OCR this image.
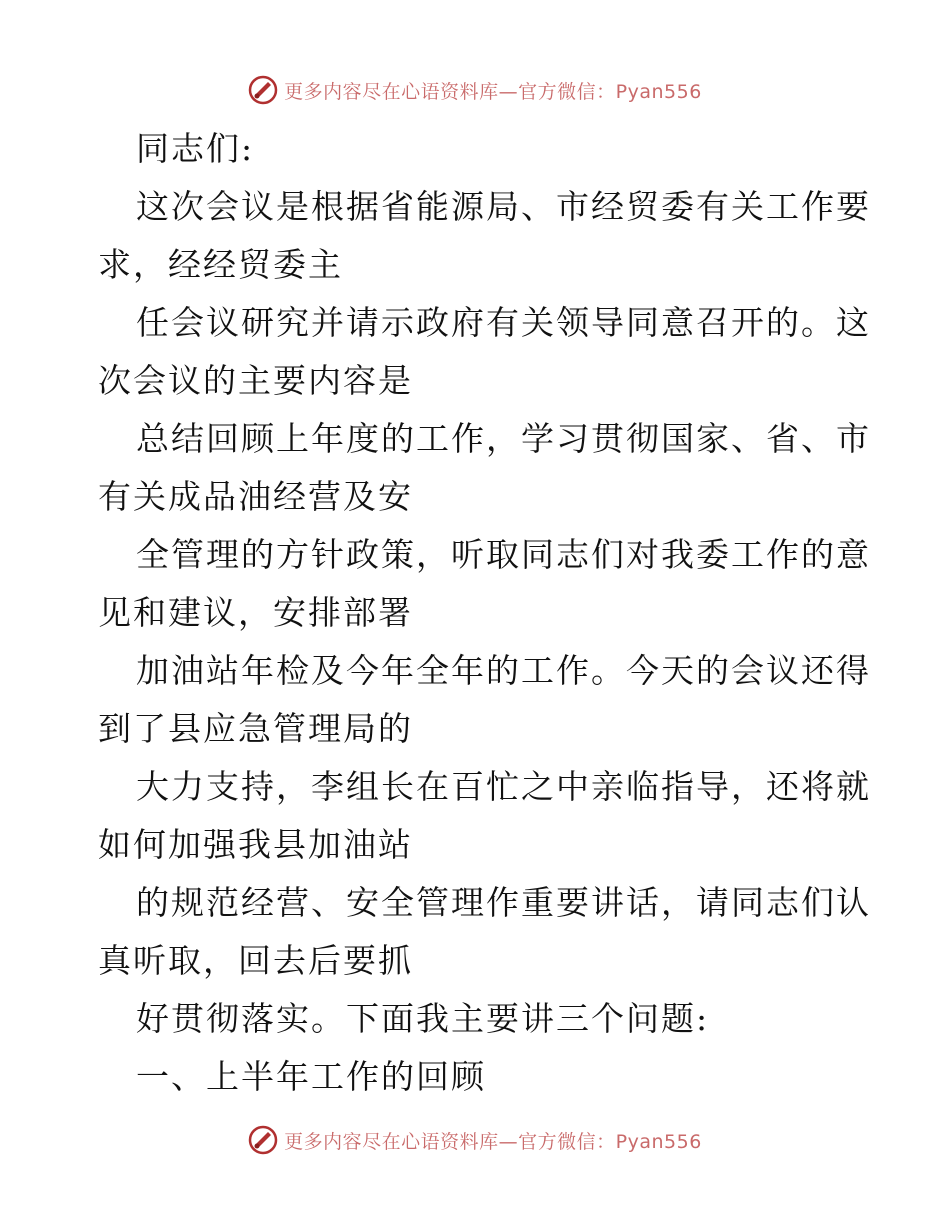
更多内容尽在心语资料库—官方微信：Pyan556
同志们:
这次会议是根据省能源局、市经贸委有关工作要
求，经经贸委主
任会议研究并请示政府有关领导同意召开的。这
次会议的主要内容是
总结回顾上年度的工作，学习贯彻国家、省、市
有关成品油经营及安
全管理的方针政策，听取同志们对我委工作的意
见和建议，安排部署
加油站年检及今年全年的工作。今天的会议还得
到了县应急管理局的
大力支持，李组长在百忙之中亲临指导，还将就
如何加强我县加油站
的规范经营、安全管理作重要讲话，请同志们认
真听取，回去后要抓
好贯彻落实。下面我主要讲三个问题:
一、上半年工作的回顾
更多内容尽在心语资料库—官方微信：Pyan556
